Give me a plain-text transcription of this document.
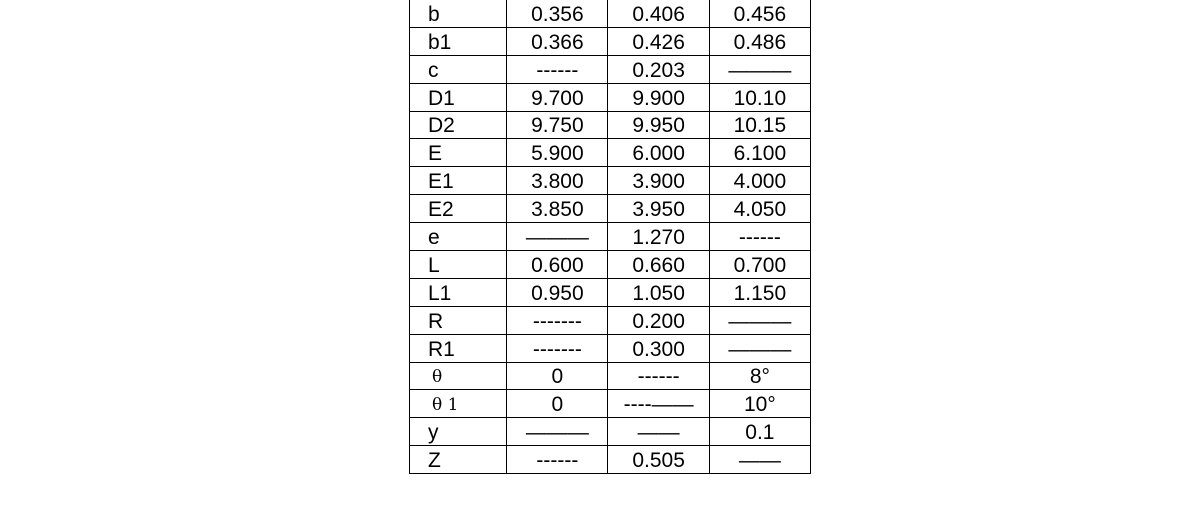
b	0.356	0.406	0.456
b1	0.366	0.426	0.486
c	------	0.203	———
D1	9.700	9.900	10.10
D2	9.750	9.950	10.15
E	5.900	6.000	6.100
E1	3.800	3.900	4.000
E2	3.850	3.950	4.050
e	———	1.270	------
L	0.600	0.660	0.700
L1	0.950	1.050	1.150
R	-------	0.200	———
R1	-------	0.300	———
θ	0	------	8°
θ 1	0	----——	10°
y	———	——	0.1
Z	------	0.505	——
